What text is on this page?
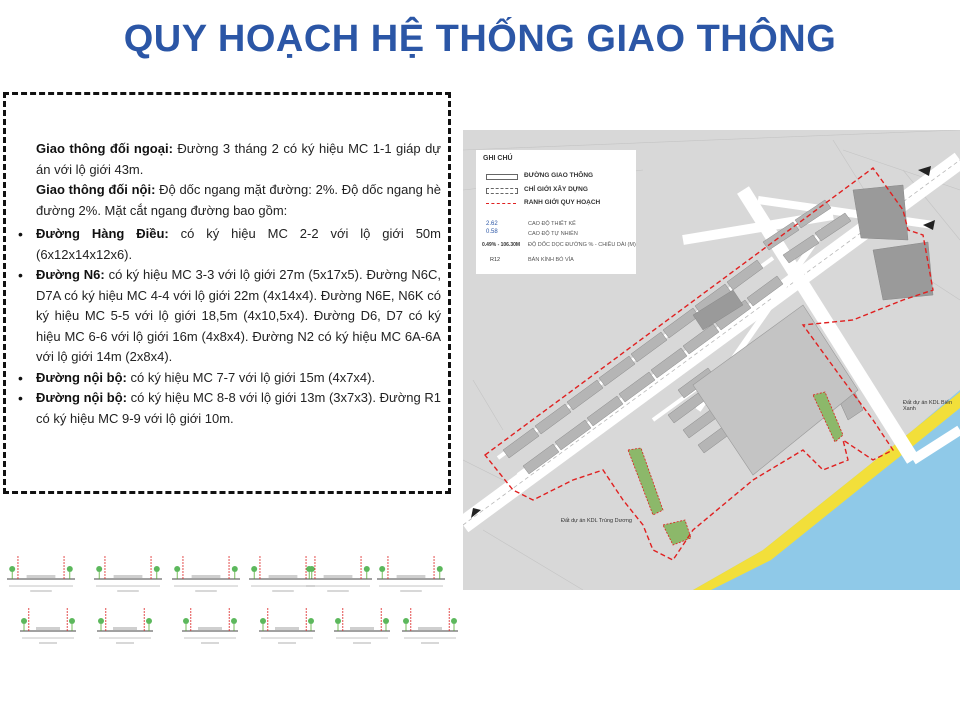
QUY HOẠCH HỆ THỐNG GIAO THÔNG

Giao thông đối ngoại: Đường 3 tháng 2 có ký hiệu MC 1-1 giáp dự án với lộ giới 43m.

Giao thông đối nội: Độ dốc ngang mặt đường: 2%. Độ dốc ngang hè đường 2%. Mặt cắt ngang đường bao gồm:

• Đường Hàng Điều: có ký hiệu MC 2-2 với lộ giới 50m (6x12x14x12x6).
• Đường N6: có ký hiệu MC 3-3 với lộ giới 27m (5x17x5). Đường N6C, D7A có ký hiệu MC 4-4 với lộ giới 22m (4x14x4). Đường N6E, N6K có ký hiệu MC 5-5 với lộ giới 18,5m (4x10,5x4). Đường D6, D7 có ký hiệu MC 6-6 với lộ giới 16m (4x8x4). Đường N2 có ký hiệu MC 6A-6A với lộ giới 14m (2x8x4).
• Đường nội bộ: có ký hiệu MC 7-7 với lộ giới 15m (4x7x4).
• Đường nội bộ: có ký hiệu MC 8-8 với lộ giới 13m (3x7x3). Đường R1 có ký hiệu MC 9-9 với lộ giới 10m.
Đất dự án KDL Biển Xanh
Đất dự án KDL Trúng Dương
GHI CHÚ
ĐƯỜNG GIAO THÔNG
CHỈ GIỚI XÂY DỰNG
RANH GIỚI QUY HOẠCH
2.62
0.58
CAO ĐỘ THIẾT KẾ
CAO ĐỘ TỰ NHIÊN
0.49% - 106.30M ĐỘ DỐC DỌC ĐƯỜNG % - CHIỀU DÀI (M)
R12	BÁN KÍNH BÓ VỈA
